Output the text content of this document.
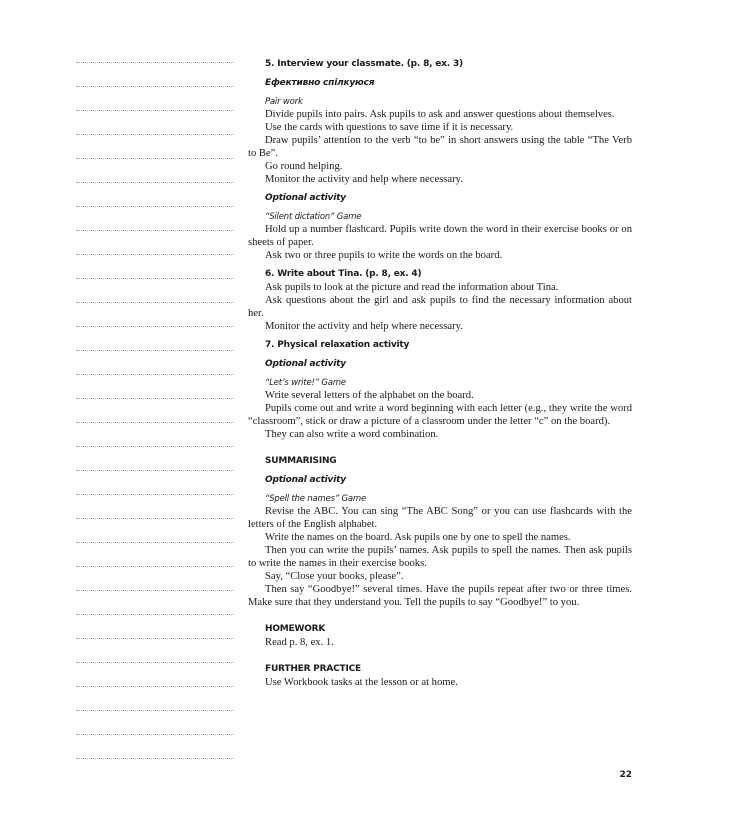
5. Interview your classmate. (p. 8, ex. 3)
Ефективно спілкуюся
Pair work
Divide pupils into pairs. Ask pupils to ask and answer questions about themselves.
Use the cards with questions to save time if it is necessary.
Draw pupils’ attention to the verb “to be” in short answers using the table “The Verb to Be”.
Go round helping.
Monitor the activity and help where necessary.
Optional activity
“Silent dictation” Game
Hold up a number flashcard. Pupils write down the word in their exercise books or on sheets of paper.
Ask two or three pupils to write the words on the board.
6. Write about Tina. (p. 8, ex. 4)
Ask pupils to look at the picture and read the information about Tina.
Ask questions about the girl and ask pupils to find the necessary information about her.
Monitor the activity and help where necessary.
7. Physical relaxation activity
Optional activity
“Let’s write!” Game
Write several letters of the alphabet on the board.
Pupils come out and write a word beginning with each letter (e.g., they write the word “classroom”, stick or draw a picture of a classroom under the letter “c” on the board).
They can also write a word combination.
SUMMARISING
Optional activity
“Spell the names” Game
Revise the ABC. You can sing “The ABC Song” or you can use flashcards with the letters of the English alphabet.
Write the names on the board. Ask pupils one by one to spell the names.
Then you can write the pupils’ names. Ask pupils to spell the names. Then ask pupils to write the names in their exercise books.
Say, “Close your books, please”.
Then say “Goodbye!” several times. Have the pupils repeat after two or three times. Make sure that they understand you. Tell the pupils to say “Goodbye!” to you.
HOMEWORK
Read p. 8, ex. 1.
FURTHER PRACTICE
Use Workbook tasks at the lesson or at home.
22
